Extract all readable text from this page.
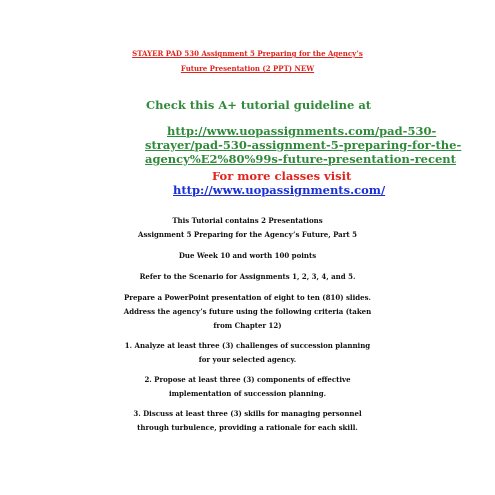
STAYER PAD 530 Assignment 5 Preparing for the Agency’s

Future Presentation (2 PPT) NEW

Check this A+ tutorial guideline at

http://www.uopassignments.com/pad-530-
strayer/pad-530-assignment-5-preparing-for-the-
agency%E2%80%99s-future-presentation-recent

For more classes visit

http://www.uopassignments.com/

This Tutorial contains 2 Presentations

Assignment 5 Preparing for the Agency’s Future, Part 5

Due Week 10 and worth 100 points

Refer to the Scenario for Assignments 1, 2, 3, 4, and 5.

Prepare a PowerPoint presentation of eight to ten (810) slides.

Address the agency’s future using the following criteria (taken

from Chapter 12)

1. Analyze at least three (3) challenges of succession planning

for your selected agency.

2. Propose at least three (3) components of effective

implementation of succession planning.

3. Discuss at least three (3) skills for managing personnel

through turbulence, providing a rationale for each skill.
